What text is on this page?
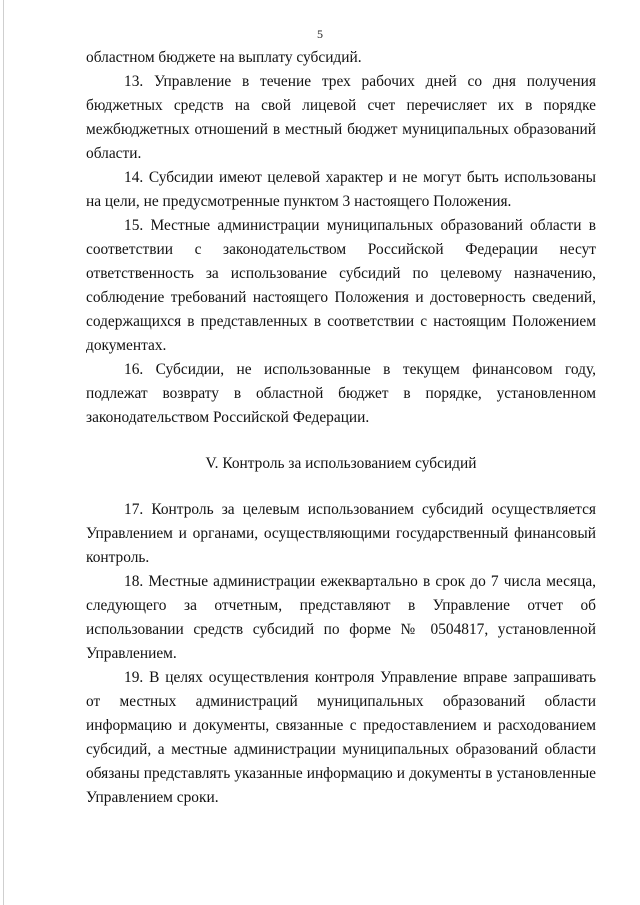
5

областном бюджете на выплату субсидий.

13. Управление в течение трех рабочих дней со дня получения бюджетных средств на свой лицевой счет перечисляет их в порядке межбюджетных отношений в местный бюджет муниципальных образований области.

14. Субсидии имеют целевой характер и не могут быть использованы на цели, не предусмотренные пунктом 3 настоящего Положения.

15. Местные администрации муниципальных образований области в соответствии с законодательством Российской Федерации несут ответственность за использование субсидий по целевому назначению, соблюдение требований настоящего Положения и достоверность сведений, содержащихся в представленных в соответствии с настоящим Положением документах.

16. Субсидии, не использованные в текущем финансовом году, подлежат возврату в областной бюджет в порядке, установленном законодательством Российской Федерации.

V. Контроль за использованием субсидий

17. Контроль за целевым использованием субсидий осуществляется Управлением и органами, осуществляющими государственный финансовый контроль.

18. Местные администрации ежеквартально в срок до 7 числа месяца, следующего за отчетным, представляют в Управление отчет об использовании средств субсидий по форме № 0504817, установленной Управлением.

19. В целях осуществления контроля Управление вправе запрашивать от местных администраций муниципальных образований области информацию и документы, связанные с предоставлением и расходованием субсидий, а местные администрации муниципальных образований области обязаны представлять указанные информацию и документы в установленные Управлением сроки.
